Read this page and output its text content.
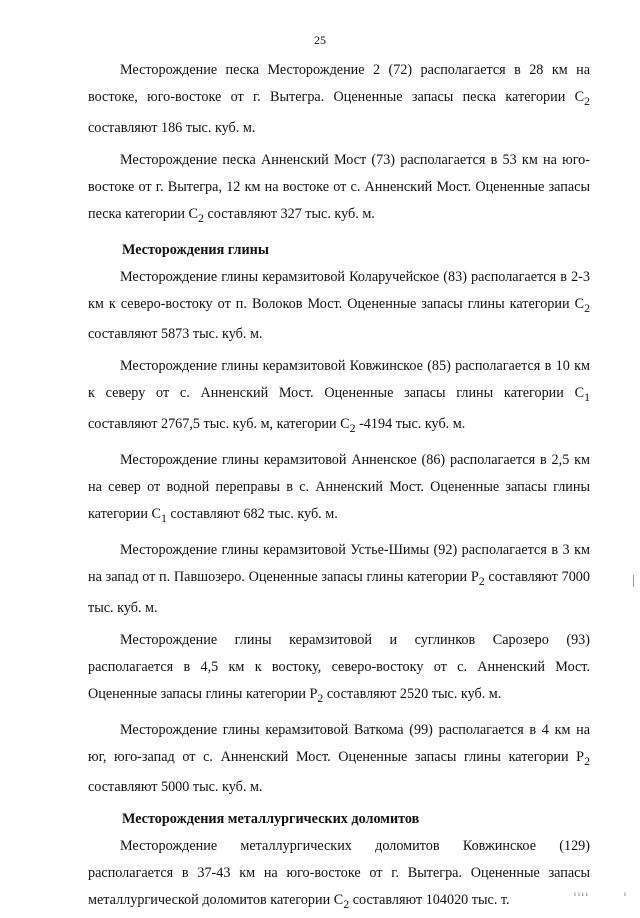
25

Месторождение песка Месторождение 2 (72) располагается в 28 км на востоке, юго-востоке от г. Вытегра. Оцененные запасы песка категории $C_2$ составляют 186 тыс. куб. м.

Месторождение песка Анненский Мост (73) располагается в 53 км на юго-востоке от г. Вытегра, 12 км на востоке от с. Анненский Мост. Оцененные запасы песка категории $C_2$ составляют 327 тыс. куб. м.

Месторождения глины

Месторождение глины керамзитовой Коларучейское (83) располагается в 2-3 км к северо-востоку от п. Волоков Мост. Оцененные запасы глины категории $C_2$ составляют 5873 тыс. куб. м.

Месторождение глины керамзитовой Ковжинское (85) располагается в 10 км к северу от с. Анненский Мост. Оцененные запасы глины категории $C_1$ составляют 2767,5 тыс. куб. м, категории $C_2$ -4194 тыс. куб. м.

Месторождение глины керамзитовой Анненское (86) располагается в 2,5 км на север от водной переправы в с. Анненский Мост. Оцененные запасы глины категории $C_1$ составляют 682 тыс. куб. м.

Месторождение глины керамзитовой Устье-Шимы (92) располагается в 3 км на запад от п. Павшозеро. Оцененные запасы глины категории $P_2$ составляют 7000 тыс. куб. м.

Месторождение глины керамзитовой и суглинков Сарозеро (93) располагается в 4,5 км к востоку, северо-востоку от с. Анненский Мост. Оцененные запасы глины категории $P_2$ составляют 2520 тыс. куб. м.

Месторождение глины керамзитовой Ваткома (99) располагается в 4 км на юг, юго-запад от с. Анненский Мост. Оцененные запасы глины категории $P_2$ составляют 5000 тыс. куб. м.

Месторождения металлургических доломитов

Месторождение металлургических доломитов Ковжинское (129) располагается в 37-43 км на юго-востоке от г. Вытегра. Оцененные запасы металлургической доломитов категории $C_2$ составляют 104020 тыс. т.	ıııı	ı
